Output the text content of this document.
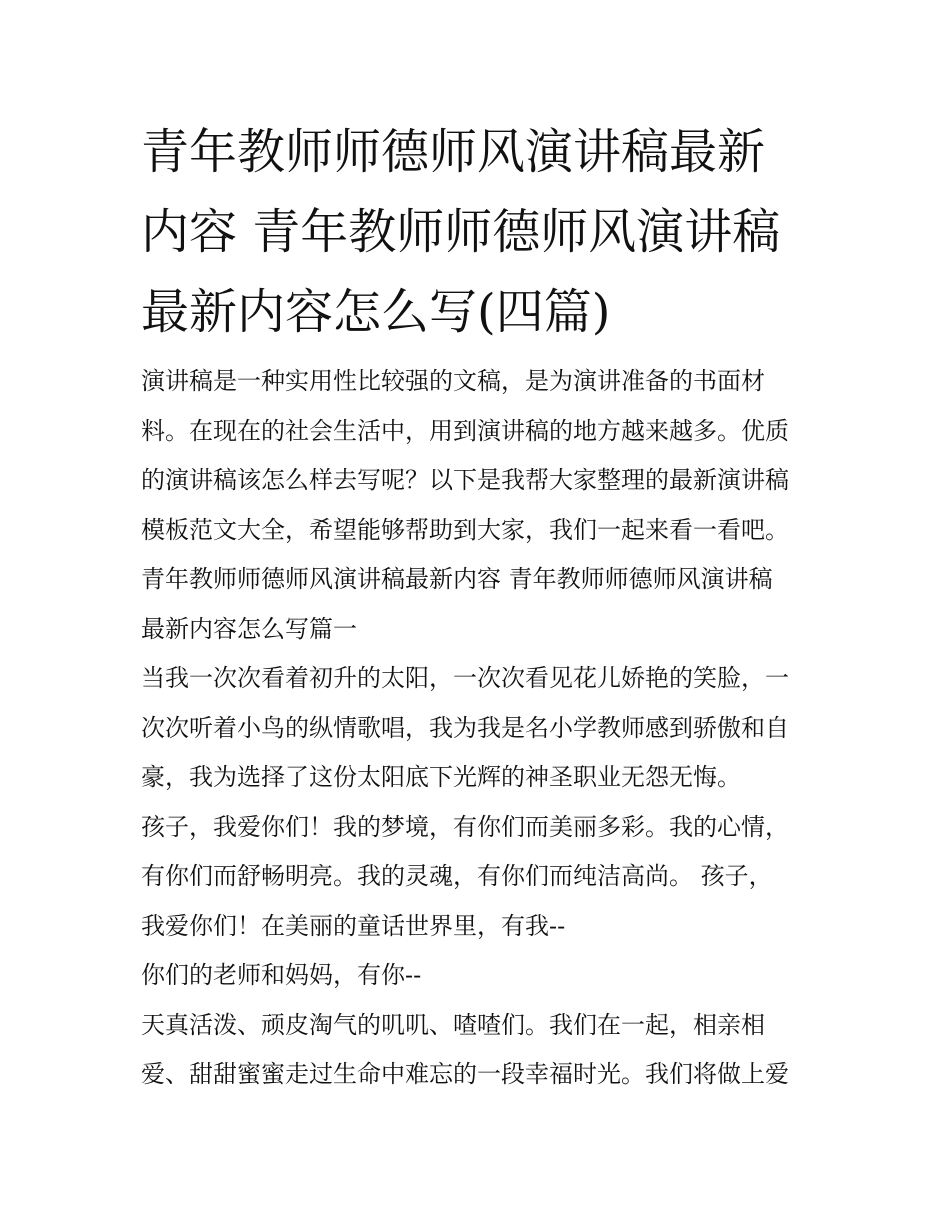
青年教师师德师风演讲稿最新
内容 青年教师师德师风演讲稿
最新内容怎么写(四篇)
演讲稿是一种实用性比较强的文稿，是为演讲准备的书面材
料。在现在的社会生活中，用到演讲稿的地方越来越多。优质
的演讲稿该怎么样去写呢？以下是我帮大家整理的最新演讲稿
模板范文大全，希望能够帮助到大家，我们一起来看一看吧。
青年教师师德师风演讲稿最新内容 青年教师师德师风演讲稿
最新内容怎么写篇一
当我一次次看着初升的太阳，一次次看见花儿娇艳的笑脸，一
次次听着小鸟的纵情歌唱，我为我是名小学教师感到骄傲和自
豪，我为选择了这份太阳底下光辉的神圣职业无怨无悔。
孩子，我爱你们！我的梦境，有你们而美丽多彩。我的心情，
有你们而舒畅明亮。我的灵魂，有你们而纯洁高尚。 孩子，
我爱你们！在美丽的童话世界里，有我--
你们的老师和妈妈，有你--
天真活泼、顽皮淘气的叽叽、喳喳们。我们在一起，相亲相
爱、甜甜蜜蜜走过生命中难忘的一段幸福时光。我们将做上爱
